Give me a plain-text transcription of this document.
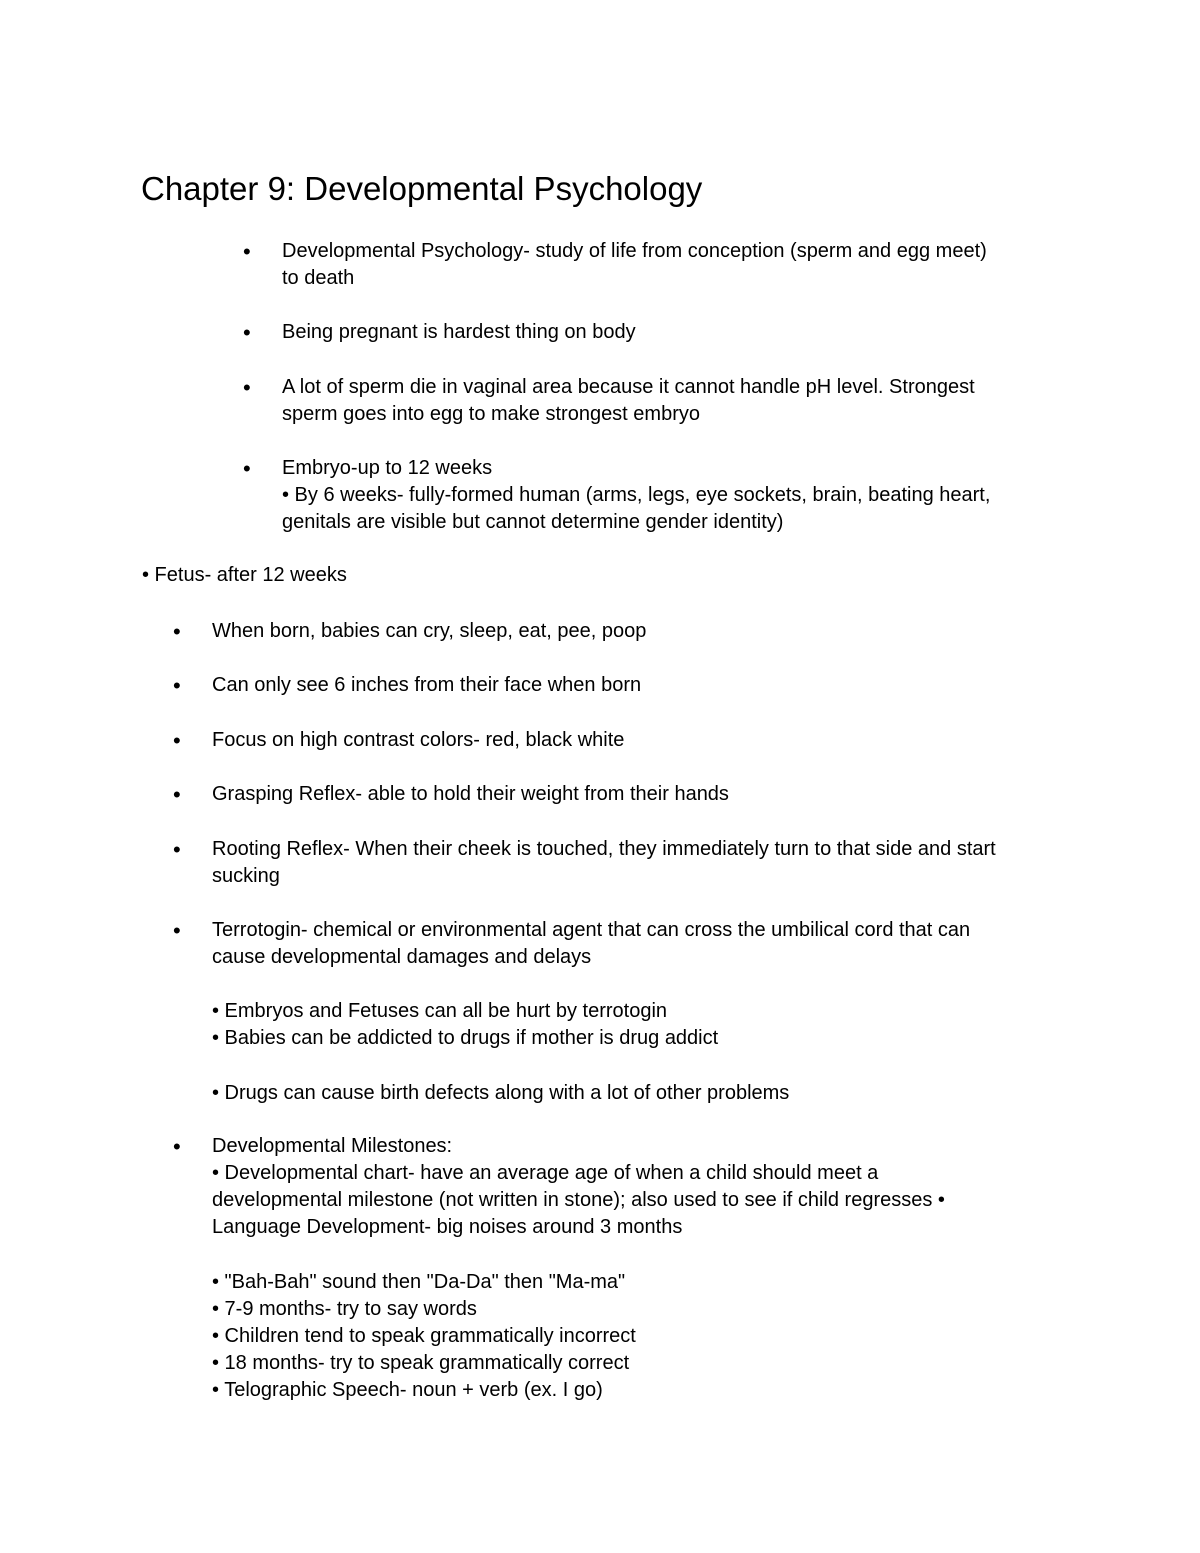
Chapter 9: Developmental Psychology
• Developmental Psychology- study of life from conception (sperm and egg meet)
to death
• Being pregnant is hardest thing on body
• A lot of sperm die in vaginal area because it cannot handle pH level. Strongest
sperm goes into egg to make strongest embryo
• Embryo-up to 12 weeks
• By 6 weeks- fully-formed human (arms, legs, eye sockets, brain, beating heart,
genitals are visible but cannot determine gender identity)
• Fetus- after 12 weeks
• When born, babies can cry, sleep, eat, pee, poop
• Can only see 6 inches from their face when born
• Focus on high contrast colors- red, black white
• Grasping Reflex- able to hold their weight from their hands
• Rooting Reflex- When their cheek is touched, they immediately turn to that side and start
sucking
• Terrotogin- chemical or environmental agent that can cross the umbilical cord that can
cause developmental damages and delays
• Embryos and Fetuses can all be hurt by terrotogin
• Babies can be addicted to drugs if mother is drug addict
• Drugs can cause birth defects along with a lot of other problems
• Developmental Milestones:
• Developmental chart- have an average age of when a child should meet a
developmental milestone (not written in stone); also used to see if child regresses •
Language Development- big noises around 3 months
• "Bah-Bah" sound then "Da-Da" then "Ma-ma"
• 7-9 months- try to say words
• Children tend to speak grammatically incorrect
• 18 months- try to speak grammatically correct
• Telographic Speech- noun + verb (ex. I go)
